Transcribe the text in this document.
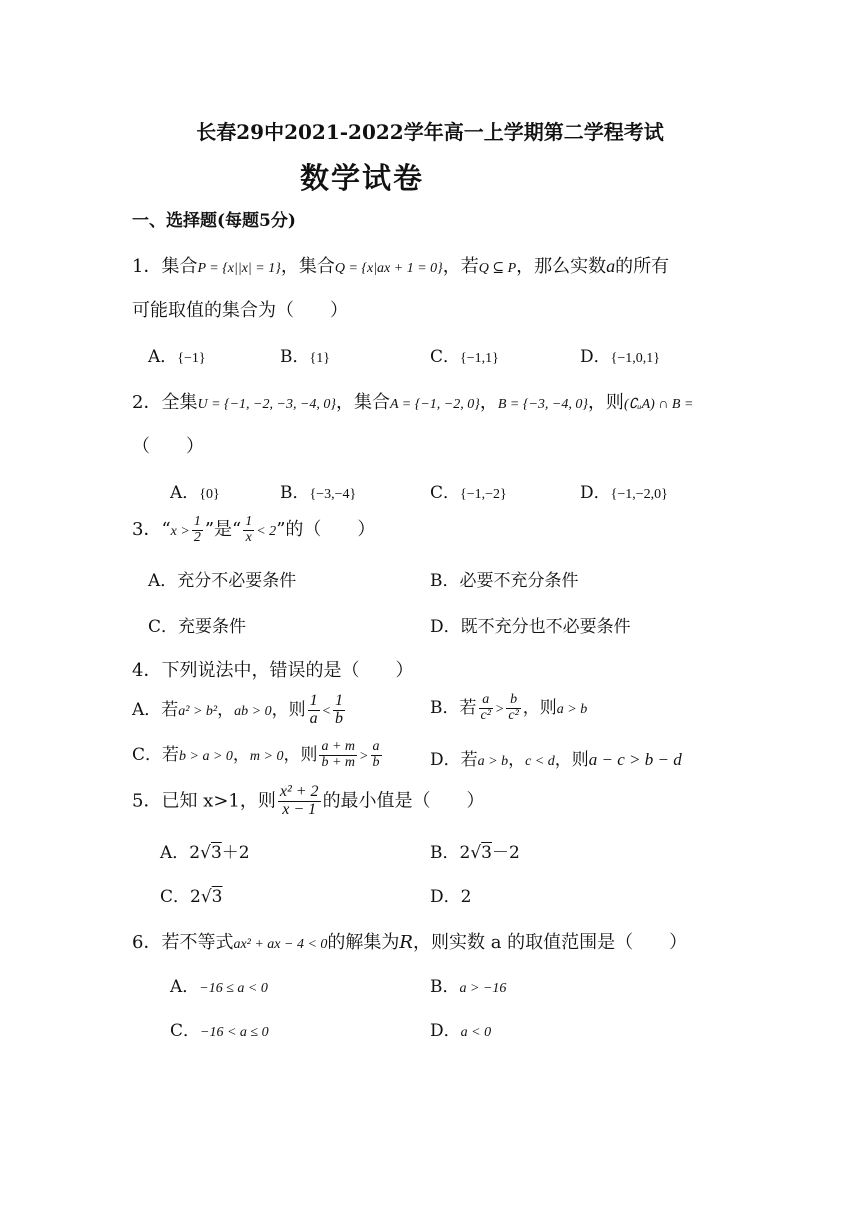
长春29中2021-2022学年高一上学期第二学程考试
数学试卷
一、选择题(每题5分)
1．集合P = {x||x| = 1}，集合Q = {x|ax + 1 = 0}，若Q ⊆ P，那么实数a的所有
可能取值的集合为（　　）
A．{−1}	B．{1}	C．{−1,1}	D．{−1,0,1}
2．全集U = {−1, −2, −3, −4, 0}，集合A = {−1, −2, 0}，B = {−3, −4, 0}，则(∁ᵤA) ∩ B =
（　　）
A．{0}	B．{−3,−4}	C．{−1,−2}	D．{−1,−2,0}
3．“$x > \frac{1}{2}$ ”是“ $\frac{1}{x} < 2$”的（　　）
A．充分不必要条件	B．必要不充分条件
C．充要条件	D．既不充分也不必要条件
4．下列说法中，错误的是（　　）
A．若a² > b²，ab > 0，则 $\frac{1}{a} < \frac{1}{b}$	B．若 $\frac{a}{\text{c²}} > \frac{b}{\text{c²}}$ ，则a > b
C．若b > a > 0，m > 0，则 $\frac{a + m}{b + m} > \frac{a}{b}$	D．若a > b，c < d，则a − c > b − d
5．已知 x>1，则 $\frac{\text{x² + 2}}{x - 1}$ 的最小值是（　　）
A．2√3＋2	B．2√3－2
C．2√3	D．2
6．若不等式ax² + ax − 4 < 0的解集为R，则实数 a 的取值范围是（　　）
A．−16 ≤ a < 0	B．a > −16
C．−16 < a ≤ 0	D．a < 0
